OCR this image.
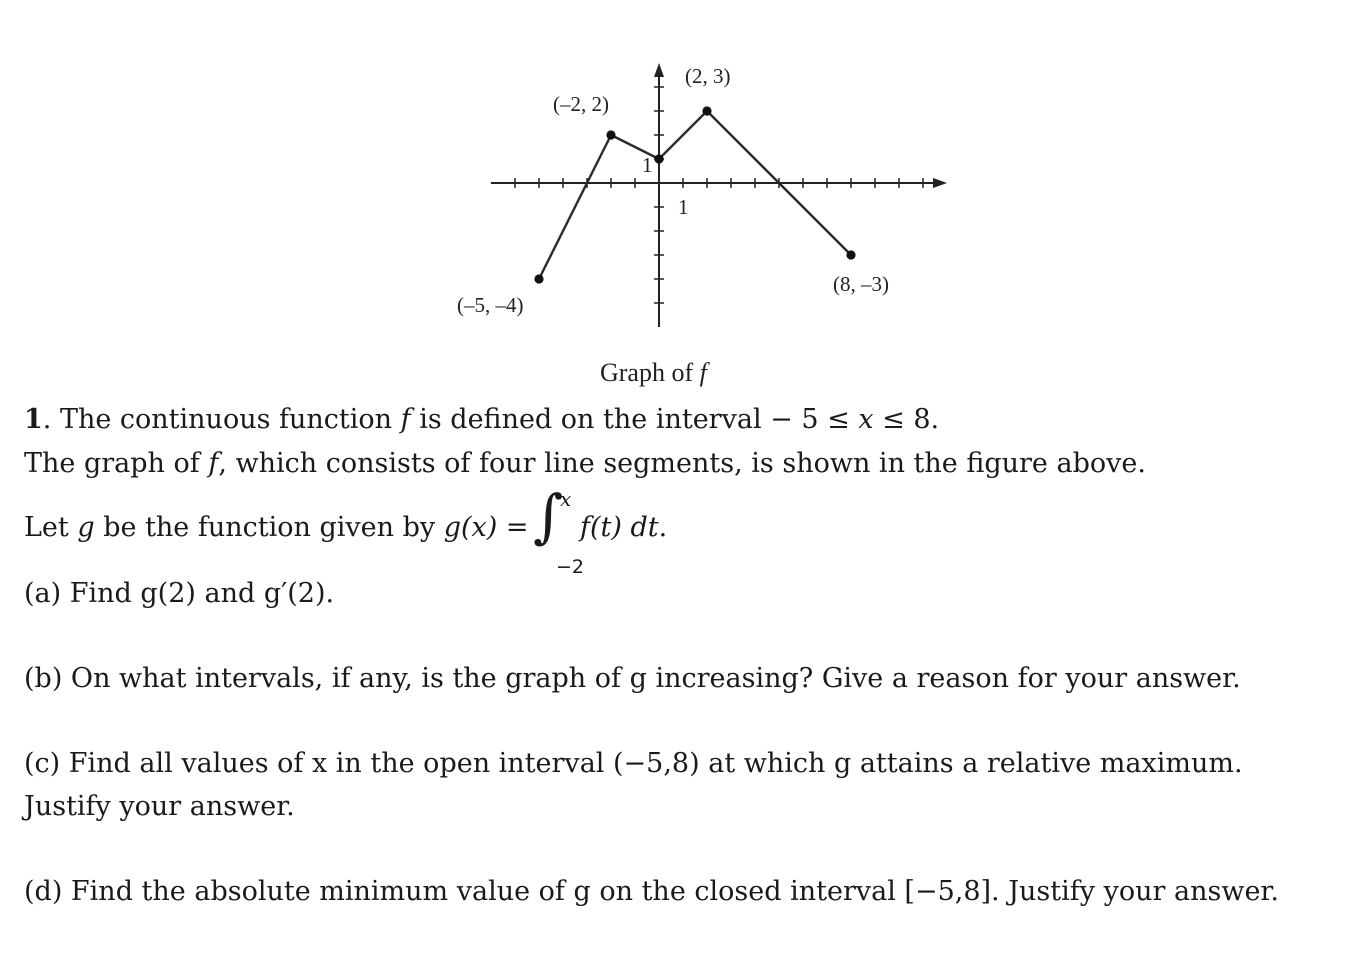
1
1
(–5, –4)
(–2, 2)
(2, 3)
(8, –3)
Graph of f
1. The continuous function f is defined on the interval − 5 ≤ x ≤ 8.
The graph of f, which consists of four line segments, is shown in the figure above.
Let g be the function given by g(x) = ∫
x
−2
f(t) dt.
(a) Find g(2) and g′(2).
(b) On what intervals, if any, is the graph of g increasing? Give a reason for your answer.
(c) Find all values of x in the open interval (−5,8) at which g attains a relative maximum.
Justify your answer.
(d) Find the absolute minimum value of g on the closed interval [−5,8]. Justify your answer.
